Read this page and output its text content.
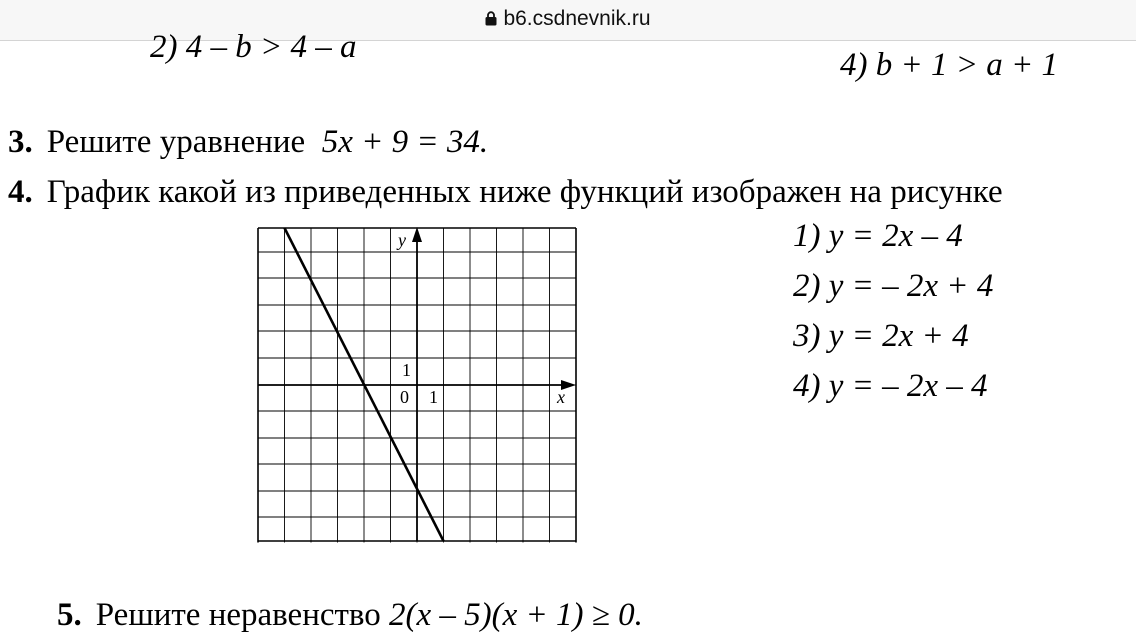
b6.csdnevnik.ru
2) 4 – b > 4 – a	4) b + 1 > a + 1
3. Решите уравнение 5x + 9 = 34.
4. График какой из приведенных ниже функций изображен на рисунке
y
x
0 1
1
1) y = 2x – 4
2) y = – 2x + 4
3) y = 2x + 4
4) y = – 2x – 4
5. Решите неравенство 2(x – 5)(x + 1) ≥ 0.
